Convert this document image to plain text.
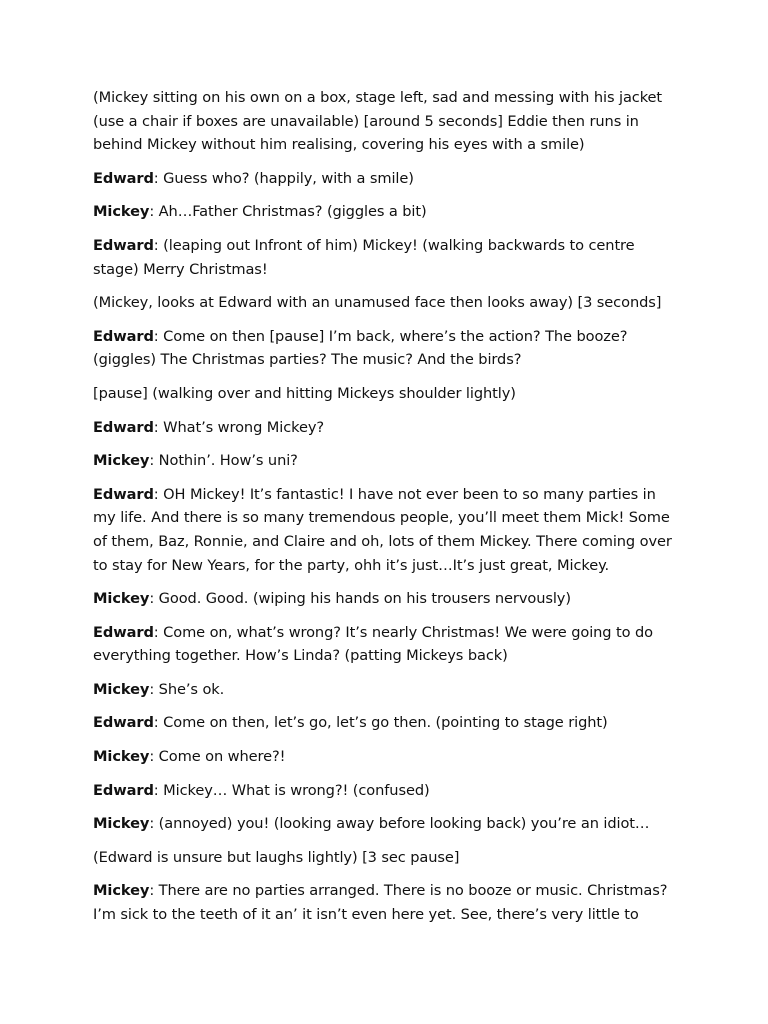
(Mickey sitting on his own on a box, stage left, sad and messing with his jacket (use a chair if boxes are unavailable) [around 5 seconds] Eddie then runs in behind Mickey without him realising, covering his eyes with a smile)

Edward: Guess who? (happily, with a smile)

Mickey: Ah…Father Christmas? (giggles a bit)

Edward: (leaping out Infront of him) Mickey! (walking backwards to centre stage) Merry Christmas!

(Mickey, looks at Edward with an unamused face then looks away) [3 seconds]

Edward: Come on then [pause] I’m back, where’s the action? The booze? (giggles) The Christmas parties? The music? And the birds?

[pause] (walking over and hitting Mickeys shoulder lightly)

Edward: What’s wrong Mickey?

Mickey: Nothin’. How’s uni?

Edward: OH Mickey! It’s fantastic! I have not ever been to so many parties in my life. And there is so many tremendous people, you’ll meet them Mick! Some of them, Baz, Ronnie, and Claire and oh, lots of them Mickey. There coming over to stay for New Years, for the party, ohh it’s just…It’s just great, Mickey.

Mickey: Good. Good. (wiping his hands on his trousers nervously)

Edward: Come on, what’s wrong? It’s nearly Christmas! We were going to do everything together. How’s Linda? (patting Mickeys back)

Mickey: She’s ok.

Edward: Come on then, let’s go, let’s go then. (pointing to stage right)

Mickey: Come on where?!

Edward: Mickey… What is wrong?! (confused)

Mickey: (annoyed) you! (looking away before looking back) you’re an idiot…

(Edward is unsure but laughs lightly) [3 sec pause]

Mickey: There are no parties arranged. There is no booze or music. Christmas? I’m sick to the teeth of it an’ it isn’t even here yet. See, there’s very little to
